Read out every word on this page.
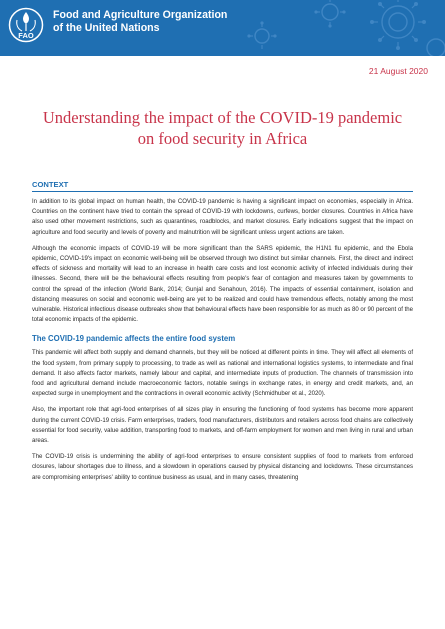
FAO
Food and Agriculture Organization
of the United Nations
21 August 2020
Understanding the impact of the COVID-19 pandemic on food security in Africa
CONTEXT

In addition to its global impact on human health, the COVID-19 pandemic is having a significant impact on economies, especially in Africa. Countries on the continent have tried to contain the spread of COVID-19 with lockdowns, curfews, border closures. Countries in Africa have also used other movement restrictions, such as quarantines, roadblocks, and market closures. Early indications suggest that the impact on agriculture and food security and levels of poverty and malnutrition will be significant unless urgent actions are taken.

Although the economic impacts of COVID-19 will be more significant than the SARS epidemic, the H1N1 flu epidemic, and the Ebola epidemic, COVID-19's impact on economic well-being will be observed through two distinct but similar channels. First, the direct and indirect effects of sickness and mortality will lead to an increase in health care costs and lost economic activity of infected individuals during their illnesses. Second, there will be the behavioural effects resulting from people's fear of contagion and measures taken by governments to control the spread of the infection (World Bank, 2014; Gunjal and Senahoun, 2016). The impacts of essential containment, isolation and distancing measures on social and economic well-being are yet to be realized and could have tremendous effects, notably among the most vulnerable. Historical infectious disease outbreaks show that behavioural effects have been responsible for as much as 80 or 90 percent of the total economic impacts of the epidemic.

The COVID-19 pandemic affects the entire food system

This pandemic will affect both supply and demand channels, but they will be noticed at different points in time. They will affect all elements of the food system, from primary supply to processing, to trade as well as national and international logistics systems, to intermediate and final demand. It also affects factor markets, namely labour and capital, and intermediate inputs of production. The channels of transmission into food and agricultural demand include macroeconomic factors, notable swings in exchange rates, in energy and credit markets, and, an expected surge in unemployment and the contractions in overall economic activity (Schmidhuber et al., 2020).

Also, the important role that agri-food enterprises of all sizes play in ensuring the functioning of food systems has become more apparent during the current COVID-19 crisis. Farm enterprises, traders, food manufacturers, distributors and retailers across food chains are collectively essential for food security, value addition, transporting food to markets, and off-farm employment for women and men living in rural and urban areas.

The COVID-19 crisis is undermining the ability of agri-food enterprises to ensure consistent supplies of food to markets from enforced closures, labour shortages due to illness, and a slowdown in operations caused by physical distancing and lockdowns. These circumstances are compromising enterprises' ability to continue business as usual, and in many cases, threatening
